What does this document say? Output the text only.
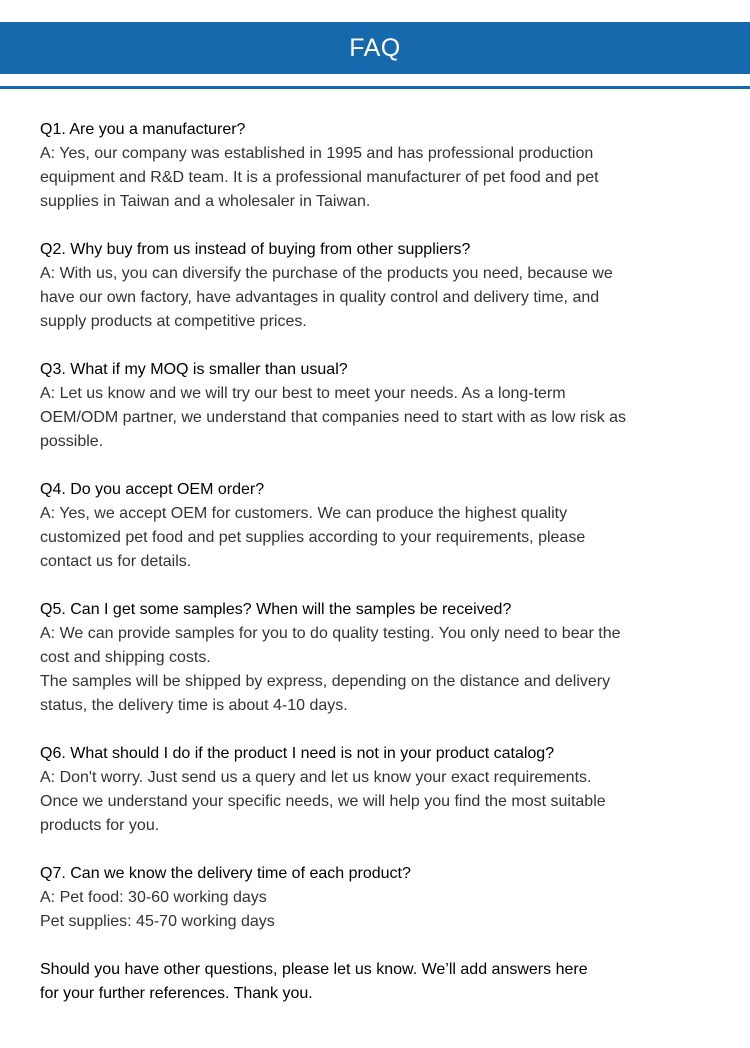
FAQ
Q1. Are you a manufacturer?
A: Yes, our company was established in 1995 and has professional production
equipment and R&D team. It is a professional manufacturer of pet food and pet
supplies in Taiwan and a wholesaler in Taiwan.
Q2. Why buy from us instead of buying from other suppliers?
A: With us, you can diversify the purchase of the products you need, because we
have our own factory, have advantages in quality control and delivery time, and
supply products at competitive prices.
Q3. What if my MOQ is smaller than usual?
A: Let us know and we will try our best to meet your needs. As a long-term
OEM/ODM partner, we understand that companies need to start with as low risk as
possible.
Q4. Do you accept OEM order?
A: Yes, we accept OEM for customers. We can produce the highest quality
customized pet food and pet supplies according to your requirements, please
contact us for details.
Q5. Can I get some samples? When will the samples be received?
A: We can provide samples for you to do quality testing. You only need to bear the
cost and shipping costs.
The samples will be shipped by express, depending on the distance and delivery
status, the delivery time is about 4-10 days.
Q6. What should I do if the product I need is not in your product catalog?
A: Don't worry. Just send us a query and let us know your exact requirements.
Once we understand your specific needs, we will help you find the most suitable
products for you.
Q7. Can we know the delivery time of each product?
A: Pet food: 30-60 working days
Pet supplies: 45-70 working days
Should you have other questions, please let us know. We’ll add answers here
for your further references. Thank you.
